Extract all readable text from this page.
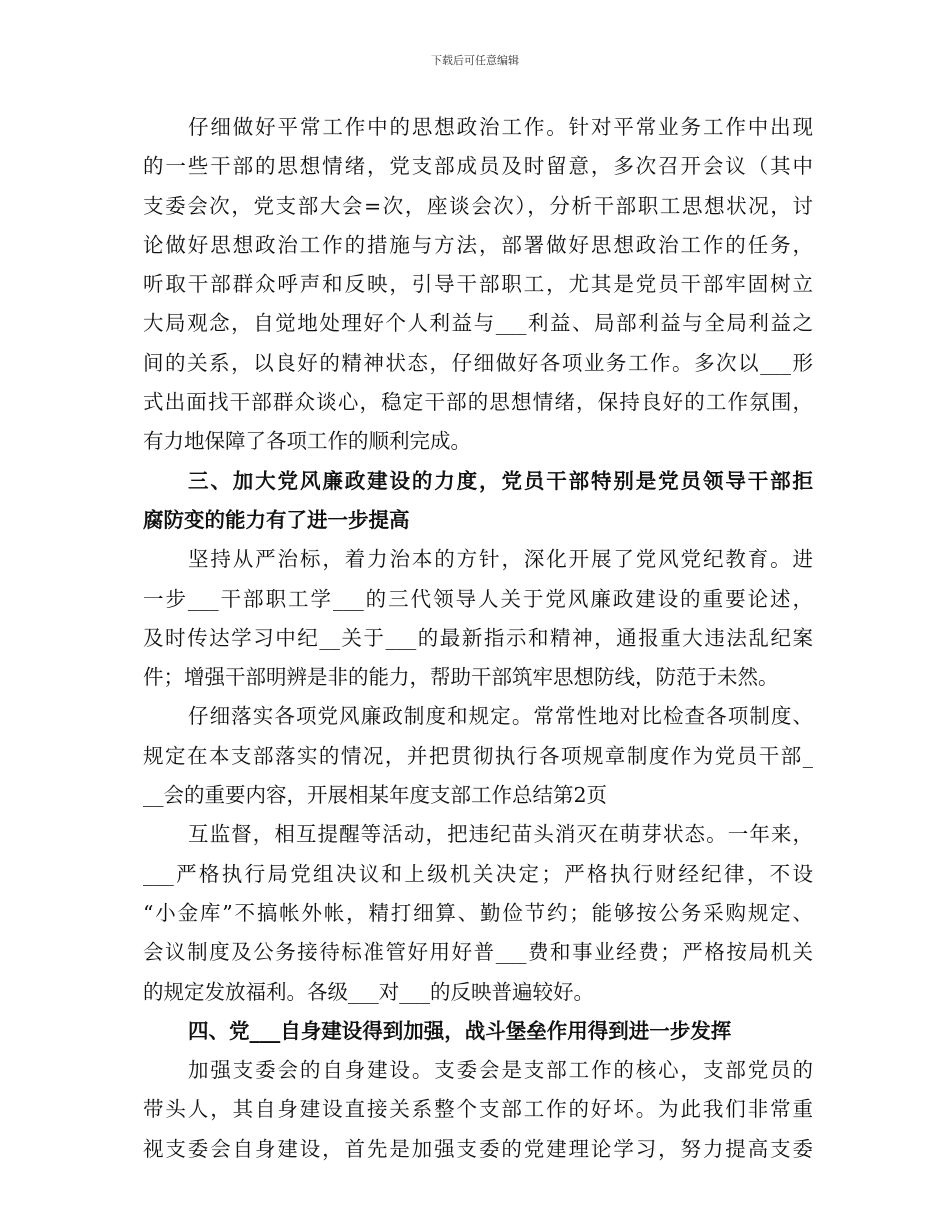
下载后可任意编辑
仔细做好平常工作中的思想政治工作。针对平常业务工作中出现
的一些干部的思想情绪，党支部成员及时留意，多次召开会议（其中
支委会次，党支部大会=次，座谈会次），分析干部职工思想状况，讨
论做好思想政治工作的措施与方法，部署做好思想政治工作的任务，
听取干部群众呼声和反映，引导干部职工，尤其是党员干部牢固树立
大局观念，自觉地处理好个人利益与___利益、局部利益与全局利益之
间的关系，以良好的精神状态，仔细做好各项业务工作。多次以___形
式出面找干部群众谈心，稳定干部的思想情绪，保持良好的工作氛围，
有力地保障了各项工作的顺利完成。
三、加大党风廉政建设的力度，党员干部特别是党员领导干部拒
腐防变的能力有了进一步提高
坚持从严治标，着力治本的方针，深化开展了党风党纪教育。进
一步___干部职工学___的三代领导人关于党风廉政建设的重要论述，
及时传达学习中纪__关于___的最新指示和精神，通报重大违法乱纪案
件；增强干部明辨是非的能力，帮助干部筑牢思想防线，防范于未然。
仔细落实各项党风廉政制度和规定。常常性地对比检查各项制度、
规定在本支部落实的情况，并把贯彻执行各项规章制度作为党员干部_
__会的重要内容，开展相某年度支部工作总结第2页
互监督，相互提醒等活动，把违纪苗头消灭在萌芽状态。一年来，
___严格执行局党组决议和上级机关决定；严格执行财经纪律，不设
“小金库”不搞帐外帐，精打细算、勤俭节约；能够按公务采购规定、
会议制度及公务接待标准管好用好普___费和事业经费；严格按局机关
的规定发放福利。各级___对___的反映普遍较好。
四、党___自身建设得到加强，战斗堡垒作用得到进一步发挥
加强支委会的自身建设。支委会是支部工作的核心，支部党员的
带头人，其自身建设直接关系整个支部工作的好坏。为此我们非常重
视支委会自身建设，首先是加强支委的党建理论学习，努力提高支委
